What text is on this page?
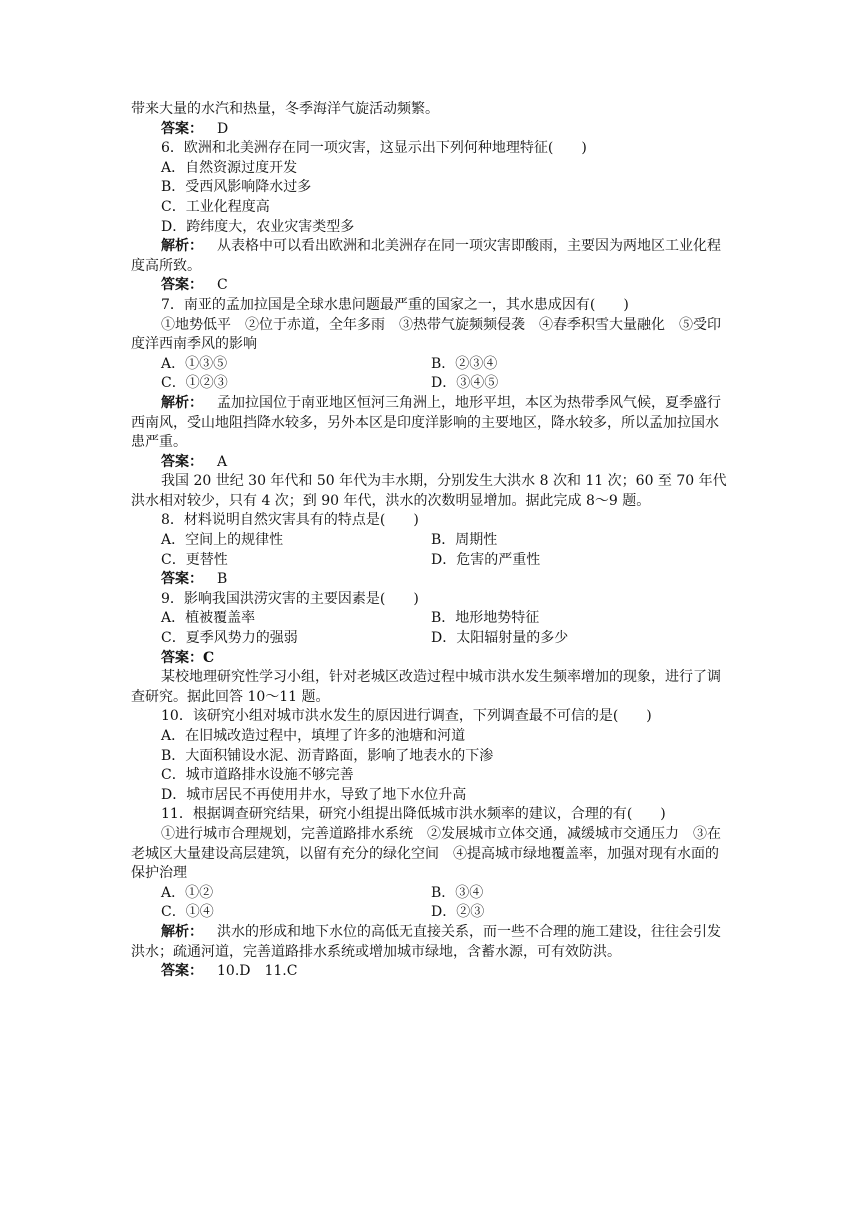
带来大量的水汽和热量，冬季海洋气旋活动频繁。

答案： D

6．欧洲和北美洲存在同一项灾害，这显示出下列何种地理特征(　　)

A．自然资源过度开发

B．受西风影响降水过多

C．工业化程度高

D．跨纬度大，农业灾害类型多

解析： 从表格中可以看出欧洲和北美洲存在同一项灾害即酸雨，主要因为两地区工业化程度高所致。

答案： C

7．南亚的孟加拉国是全球水患问题最严重的国家之一，其水患成因有(　　)

①地势低平　②位于赤道，全年多雨　③热带气旋频频侵袭　④春季积雪大量融化　⑤受印度洋西南季风的影响

A．①③⑤	B．②③④
C．①②③	D．③④⑤

解析： 孟加拉国位于南亚地区恒河三角洲上，地形平坦，本区为热带季风气候，夏季盛行西南风，受山地阻挡降水较多，另外本区是印度洋影响的主要地区，降水较多，所以孟加拉国水患严重。

答案： A

我国 20 世纪 30 年代和 50 年代为丰水期，分别发生大洪水 8 次和 11 次；60 至 70 年代洪水相对较少，只有 4 次；到 90 年代，洪水的次数明显增加。据此完成 8～9 题。

8．材料说明自然灾害具有的特点是(　　)

A．空间上的规律性	B．周期性
C．更替性	D．危害的严重性

答案： B

9．影响我国洪涝灾害的主要因素是(　　)

A．植被覆盖率	B．地形地势特征
C．夏季风势力的强弱	D．太阳辐射量的多少

答案：C

某校地理研究性学习小组，针对老城区改造过程中城市洪水发生频率增加的现象，进行了调查研究。据此回答 10～11 题。

10．该研究小组对城市洪水发生的原因进行调查，下列调查最不可信的是(　　)

A．在旧城改造过程中，填埋了许多的池塘和河道

B．大面积铺设水泥、沥青路面，影响了地表水的下渗

C．城市道路排水设施不够完善

D．城市居民不再使用井水，导致了地下水位升高

11．根据调查研究结果，研究小组提出降低城市洪水频率的建议，合理的有(　　)

①进行城市合理规划，完善道路排水系统　②发展城市立体交通，减缓城市交通压力　③在老城区大量建设高层建筑，以留有充分的绿化空间　④提高城市绿地覆盖率，加强对现有水面的保护治理

A．①②	B．③④
C．①④	D．②③

解析： 洪水的形成和地下水位的高低无直接关系，而一些不合理的施工建设，往往会引发洪水；疏通河道，完善道路排水系统或增加城市绿地，含蓄水源，可有效防洪。

答案： 10.D　11.C
